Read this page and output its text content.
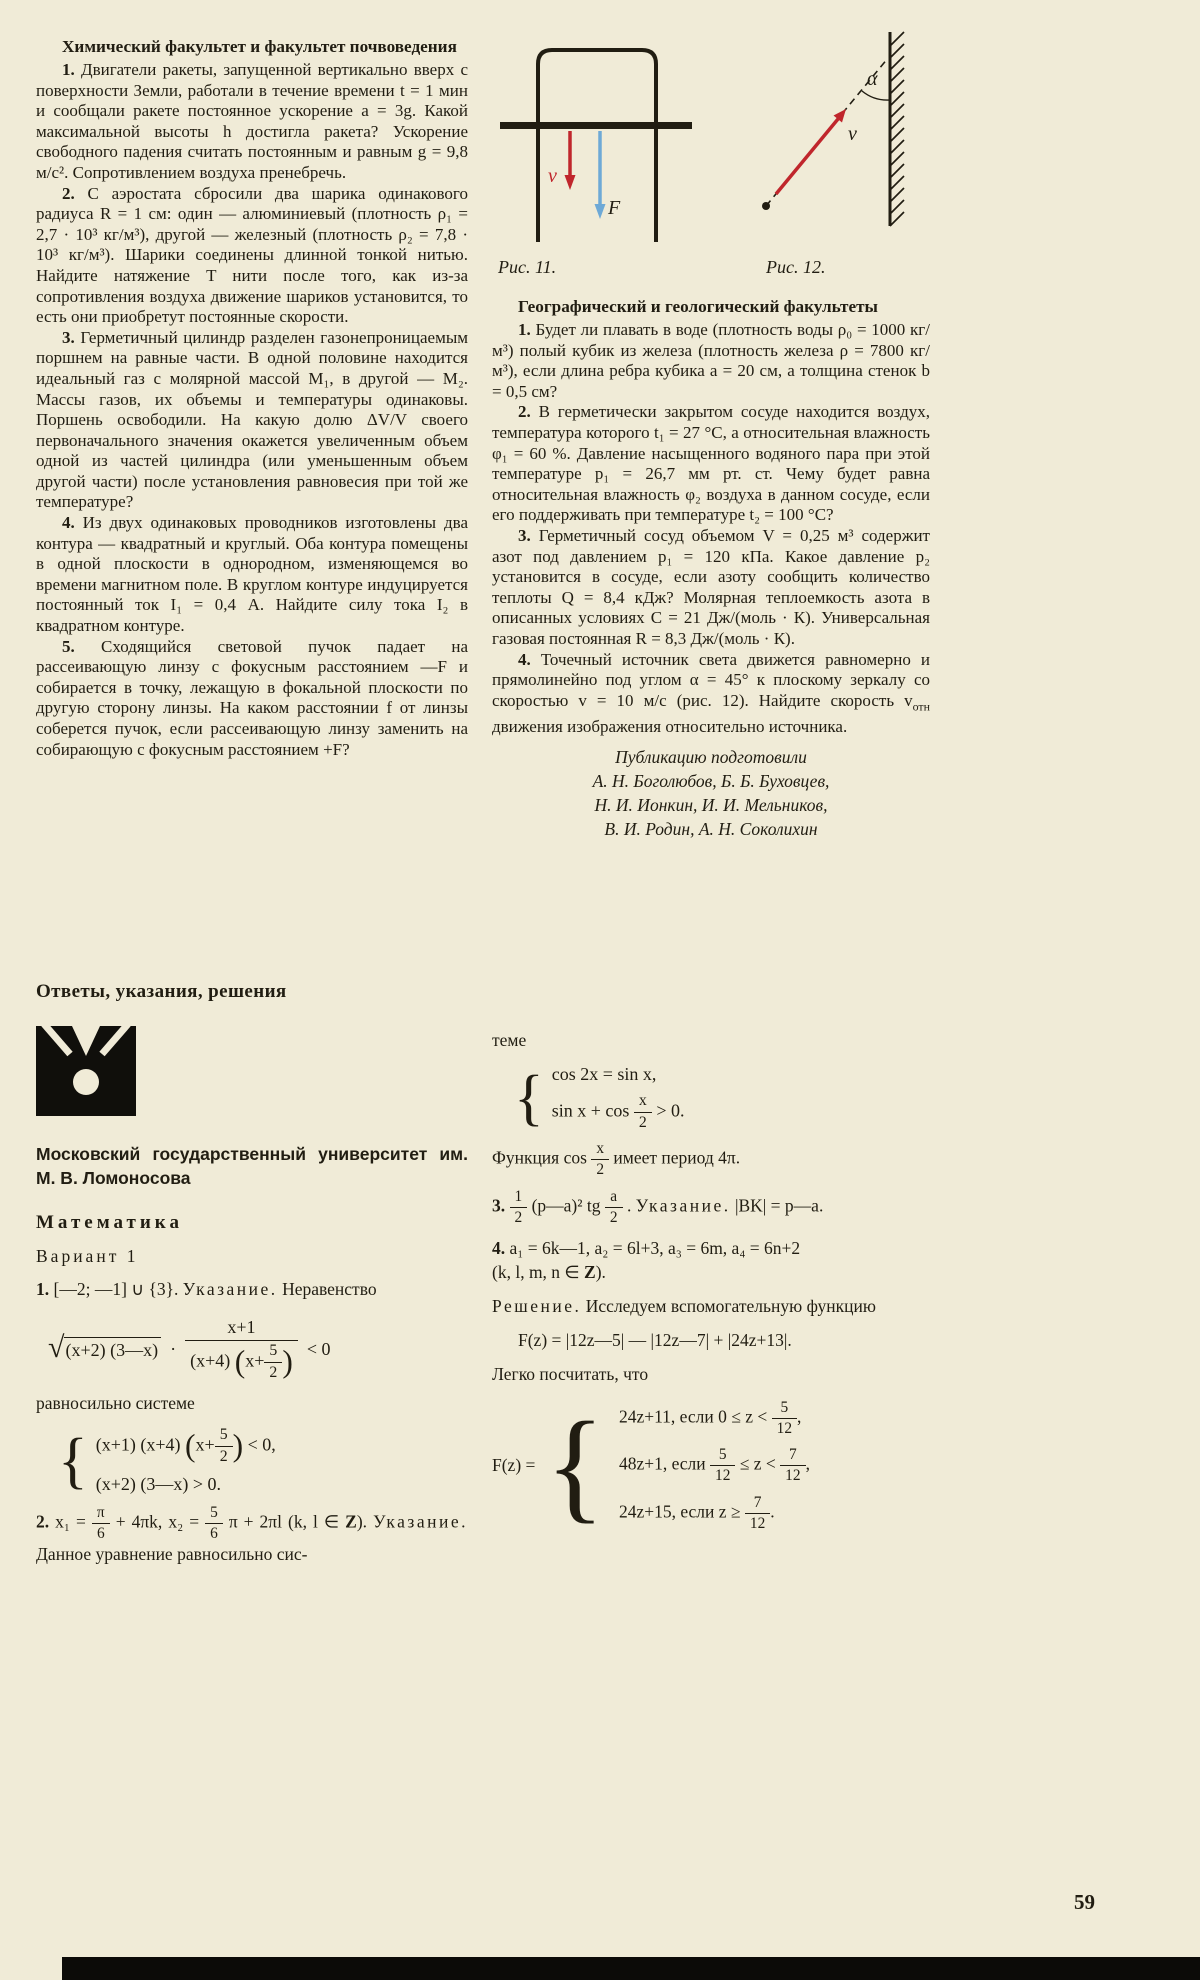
Химический факультет и факультет почвоведения

1. Двигатели ракеты, запущенной вертикально вверх с поверхности Земли, работали в течение времени t = 1 мин и сообщали ракете постоянное ускорение a = 3g. Какой максимальной высоты h достигла ракета? Ускорение свободного падения считать постоянным и равным g = 9,8 м/с². Сопротивлением воздуха пренебречь.

2. С аэростата сбросили два шарика одинакового радиуса R = 1 см: один — алюминиевый (плотность ρ₁ = 2,7 · 10³ кг/м³), другой — железный (плотность ρ₂ = 7,8 · 10³ кг/м³). Шарики соединены длинной тонкой нитью. Найдите натяжение T нити после того, как из-за сопротивления воздуха движение шариков установится, то есть они приобретут постоянные скорости.

3. Герметичный цилиндр разделен газонепроницаемым поршнем на равные части. В одной половине находится идеальный газ с молярной массой M₁, в другой — M₂. Массы газов, их объемы и температуры одинаковы. Поршень освободили. На какую долю ΔV/V своего первоначального значения окажется увеличенным объем одной из частей цилиндра (или уменьшенным объем другой части) после установления равновесия при той же температуре?

4. Из двух одинаковых проводников изготовлены два контура — квадратный и круглый. Оба контура помещены в одной плоскости в однородном, изменяющемся во времени магнитном поле. В круглом контуре индуцируется постоянный ток I₁ = 0,4 А. Найдите силу тока I₂ в квадратном контуре.

5. Сходящийся световой пучок падает на рассеивающую линзу с фокусным расстоянием —F и собирается в точку, лежащую в фокальной плоскости по другую сторону линзы. На каком расстоянии f от линзы соберется пучок, если рассеивающую линзу заменить на собирающую с фокусным расстоянием +F?

v
F
Рис. 11.
α
v
Рис. 12.

Географический и геологический факультеты

1. Будет ли плавать в воде (плотность воды ρ₀ = 1000 кг/м³) полый кубик из железа (плотность железа ρ = 7800 кг/м³), если длина ребра кубика a = 20 см, а толщина стенок b = 0,5 см?

2. В герметически закрытом сосуде находится воздух, температура которого t₁ = 27 °C, а относительная влажность φ₁ = 60 %. Давление насыщенного водяного пара при этой температуре p₁ = 26,7 мм рт. ст. Чему будет равна относительная влажность φ₂ воздуха в данном сосуде, если его поддерживать при температуре t₂ = 100 °C?

3. Герметичный сосуд объемом V = 0,25 м³ содержит азот под давлением p₁ = 120 кПа. Какое давление p₂ установится в сосуде, если азоту сообщить количество теплоты Q = 8,4 кДж? Молярная теплоемкость азота в описанных условиях C = 21 Дж/(моль · К). Универсальная газовая постоянная R = 8,3 Дж/(моль · К).

4. Точечный источник света движется равномерно и прямолинейно под углом α = 45° к плоскому зеркалу со скоростью v = 10 м/с (рис. 12). Найдите скорость $v_{отн}$ движения изображения относительно источника.

Публикацию подготовили
А. Н. Боголюбов, Б. Б. Буховцев,
Н. И. Ионкин, И. И. Мельников,
В. И. Родин, А. Н. Соколихин
Ответы, указания, решения

Московский государственный университет им. М. В. Ломоносова

Математика

Вариант 1

1. [—2; —1] ∪ {3}. Указание. Неравенство

√ (x+2) (3—x) · $\frac{x+1}{(x+4) (x+ \frac{5}{2} )} < 0$

равносильно системе

{ (x+1) (x+4) ($x+ \frac{5}{2}$ ) < 0,
(x+2) (3—x) > 0.

2. $x_1 = \frac{\pi}{6} + 4\pi k$, $x_2 = \frac{5}{6}$ π + 2πl (k, l ∈ Z). Указание. Данное уравнение равносильно сис-

теме

{ cos 2x = sin x,
$\sin x + \cos \frac{x}{2} > 0$.

Функция $\cos \frac{x}{2}$ имеет период 4π.

3. $\frac{1}{2}$ (p—a)² tg $\frac{a}{2}$ . Указание. |BK| = p—a.

4. a₁ = 6k—1, a₂ = 6l+3, a₃ = 6m, a₄ = 6n+2
(k, l, m, n ∈ Z).

Решение. Исследуем вспомогательную функцию

F(z) = |12z—5| — |12z—7| + |24z+13|.

Легко посчитать, что

F(z) = { 24z+11, если $0 \le z < \frac{5}{12}$ ,
48z+1, если $\frac{5}{12} \le z < \frac{7}{12}$ ,
24z+15, если $z \ge \frac{7}{12}$ .
59
